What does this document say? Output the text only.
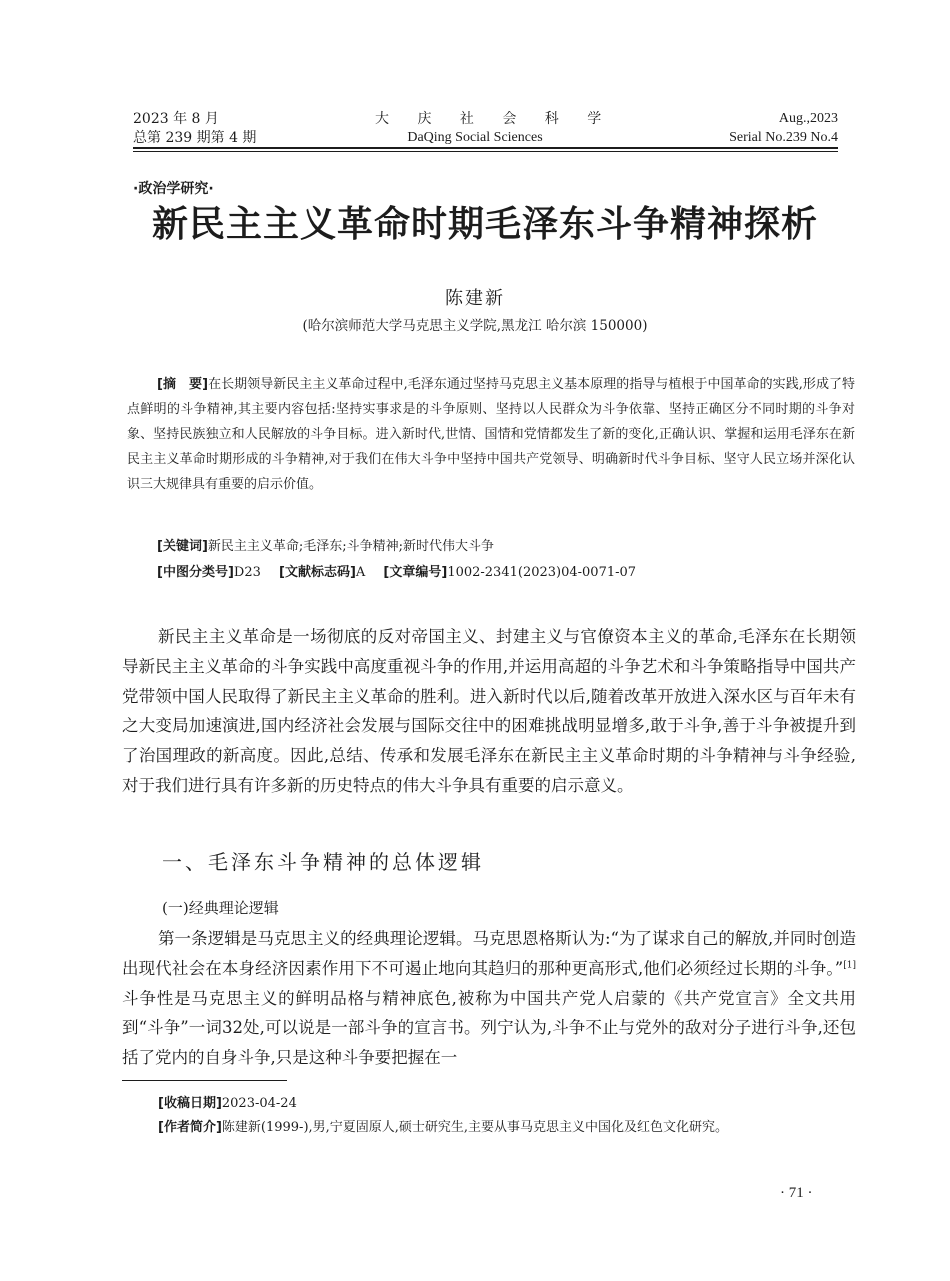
2023 年 8 月
总第 239 期第 4 期
大 庆 社 会 科 学
DaQing Social Sciences
Aug.,2023
Serial No.239 No.4
·政治学研究·
新民主主义革命时期毛泽东斗争精神探析
陈建新
(哈尔滨师范大学马克思主义学院,黑龙江 哈尔滨 150000)

[摘　要]在长期领导新民主主义革命过程中,毛泽东通过坚持马克思主义基本原理的指导与植根于中国革命的实践,形成了特点鲜明的斗争精神,其主要内容包括:坚持实事求是的斗争原则、坚持以人民群众为斗争依靠、坚持正确区分不同时期的斗争对象、坚持民族独立和人民解放的斗争目标。进入新时代,世情、国情和党情都发生了新的变化,正确认识、掌握和运用毛泽东在新民主主义革命时期形成的斗争精神,对于我们在伟大斗争中坚持中国共产党领导、明确新时代斗争目标、坚守人民立场并深化认识三大规律具有重要的启示价值。

[关键词]新民主主义革命;毛泽东;斗争精神;新时代伟大斗争
[中图分类号]D23 [文献标志码]A [文章编号]1002-2341(2023)04-0071-07

新民主主义革命是一场彻底的反对帝国主义、封建主义与官僚资本主义的革命,毛泽东在长期领导新民主主义革命的斗争实践中高度重视斗争的作用,并运用高超的斗争艺术和斗争策略指导中国共产党带领中国人民取得了新民主主义革命的胜利。进入新时代以后,随着改革开放进入深水区与百年未有之大变局加速演进,国内经济社会发展与国际交往中的困难挑战明显增多,敢于斗争,善于斗争被提升到了治国理政的新高度。因此,总结、传承和发展毛泽东在新民主主义革命时期的斗争精神与斗争经验,对于我们进行具有许多新的历史特点的伟大斗争具有重要的启示意义。

一、毛泽东斗争精神的总体逻辑
(一)经典理论逻辑

第一条逻辑是马克思主义的经典理论逻辑。马克思恩格斯认为:“为了谋求自己的解放,并同时创造出现代社会在本身经济因素作用下不可遏止地向其趋归的那种更高形式,他们必须经过长期的斗争。”[1]斗争性是马克思主义的鲜明品格与精神底色,被称为中国共产党人启蒙的《共产党宣言》全文共用到“斗争”一词32处,可以说是一部斗争的宣言书。列宁认为,斗争不止与党外的敌对分子进行斗争,还包括了党内的自身斗争,只是这种斗争要把握在一

[收稿日期]2023-04-24
[作者简介]陈建新(1999-),男,宁夏固原人,硕士研究生,主要从事马克思主义中国化及红色文化研究。
· 71 ·
